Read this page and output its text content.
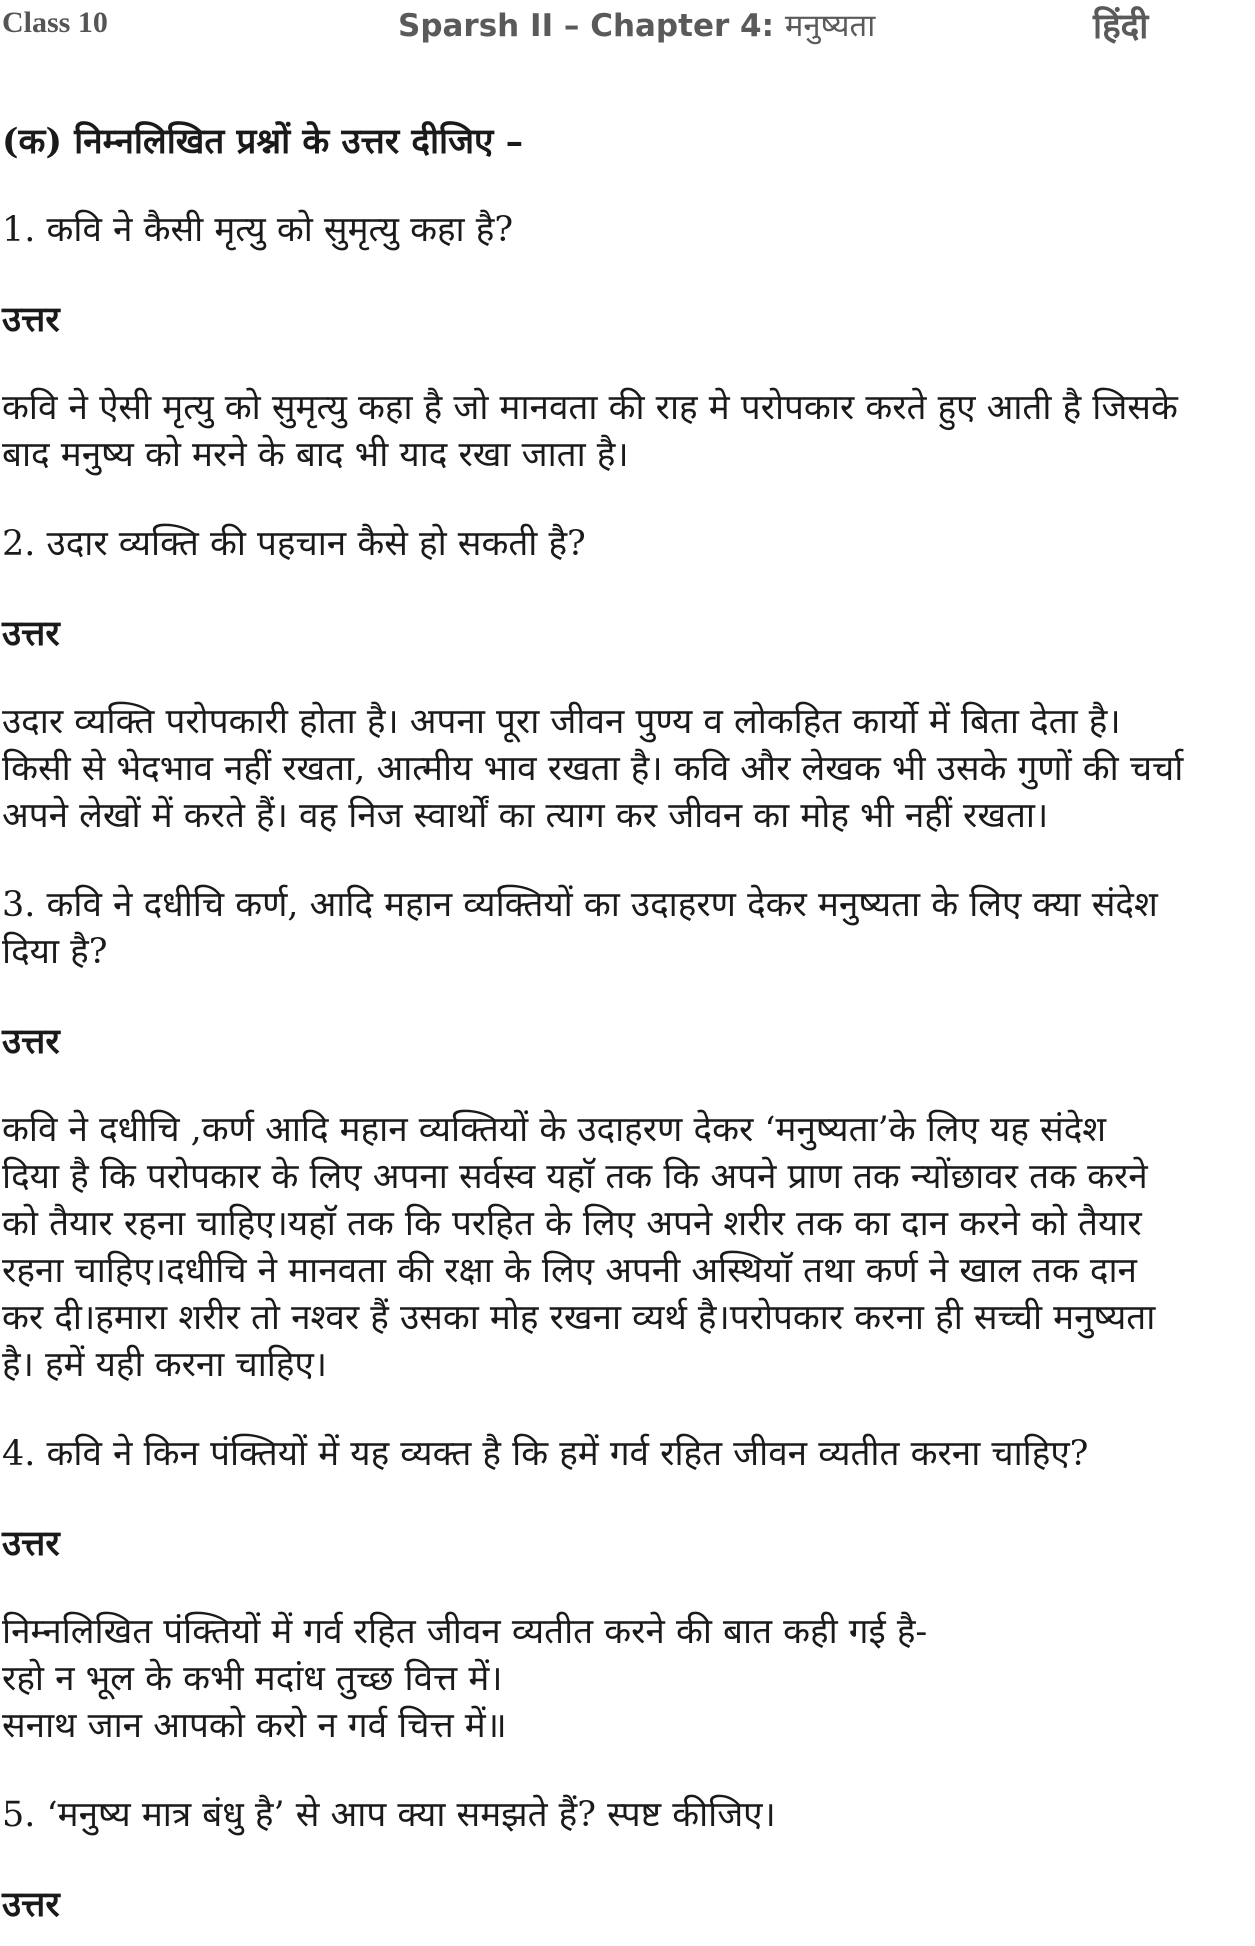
Class 10	Sparsh II – Chapter 4: मनुष्यता	हिंदी

(क) निम्नलिखित प्रश्नों के उत्तर दीजिए –

1. कवि ने कैसी मृत्यु को सुमृत्यु कहा है?

उत्तर

कवि ने ऐसी मृत्यु को सुमृत्यु कहा है जो मानवता की राह मे परोपकार करते हुए आती है जिसके

बाद मनुष्य को मरने के बाद भी याद रखा जाता है।

2. उदार व्यक्ति की पहचान कैसे हो सकती है?

उत्तर

उदार व्यक्ति परोपकारी होता है। अपना पूरा जीवन पुण्य व लोकहित कार्यो में बिता देता है।

किसी से भेदभाव नहीं रखता, आत्मीय भाव रखता है। कवि और लेखक भी उसके गुणों की चर्चा

अपने लेखों में करते हैं। वह निज स्वार्थों का त्याग कर जीवन का मोह भी नहीं रखता।

3. कवि ने दधीचि कर्ण, आदि महान व्यक्तियों का उदाहरण देकर मनुष्यता के लिए क्या संदेश

दिया है?

उत्तर

कवि ने दधीचि ,कर्ण आदि महान व्यक्तियों के उदाहरण देकर ‘मनुष्यता’के लिए यह संदेश

दिया है कि परोपकार के लिए अपना सर्वस्व यहाॅ तक कि अपने प्राण तक न्योंछावर तक करने

को तैयार रहना चाहिए।यहाॅ तक कि परहित के लिए अपने शरीर तक का दान करने को तैयार

रहना चाहिए।दधीचि ने मानवता की रक्षा के लिए अपनी अस्थियाॅ तथा कर्ण ने खाल तक दान

कर दी।हमारा शरीर तो नश्वर हैं उसका मोह रखना व्यर्थ है।परोपकार करना ही सच्ची मनुष्यता

है। हमें यही करना चाहिए।

4. कवि ने किन पंक्तियों में यह व्यक्त है कि हमें गर्व रहित जीवन व्यतीत करना चाहिए?

उत्तर

निम्नलिखित पंक्तियों में गर्व रहित जीवन व्यतीत करने की बात कही गई है-

रहो न भूल के कभी मदांध तुच्छ वित्त में।

सनाथ जान आपको करो न गर्व चित्त में॥

5. ‘मनुष्य मात्र बंधु है’ से आप क्या समझते हैं? स्पष्ट कीजिए।

उत्तर
